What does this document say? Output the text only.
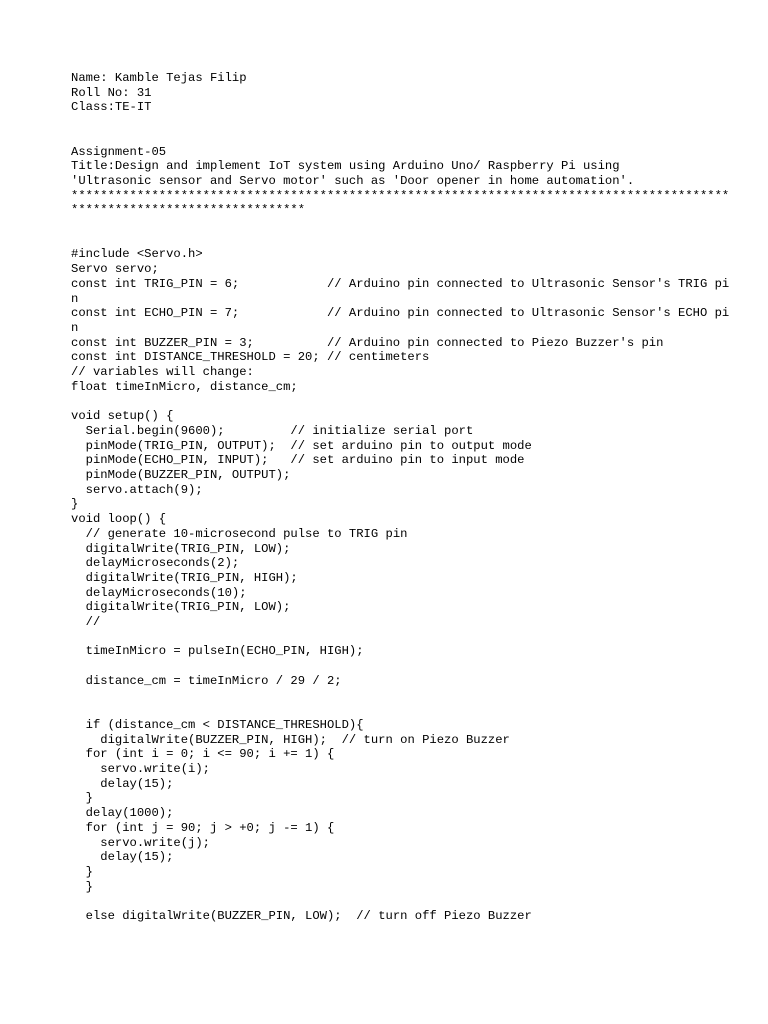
Name: Kamble Tejas Filip
Roll No: 31
Class:TE-IT

Assignment-05
Title:Design and implement IoT system using Arduino Uno/ Raspberry Pi using
'Ultrasonic sensor and Servo motor' such as 'Door opener in home automation'.
**************************************************************************************************************************

#include <Servo.h>
Servo servo;
const int TRIG_PIN = 6;            // Arduino pin connected to Ultrasonic Sensor's TRIG pin
const int ECHO_PIN = 7;            // Arduino pin connected to Ultrasonic Sensor's ECHO pin
const int BUZZER_PIN = 3;          // Arduino pin connected to Piezo Buzzer's pin
const int DISTANCE_THRESHOLD = 20; // centimeters
// variables will change:
float timeInMicro, distance_cm;

void setup() {
Serial.begin(9600);         // initialize serial port
pinMode(TRIG_PIN, OUTPUT);  // set arduino pin to output mode
pinMode(ECHO_PIN, INPUT);   // set arduino pin to input mode
pinMode(BUZZER_PIN, OUTPUT);
servo.attach(9);
}
void loop() {
// generate 10-microsecond pulse to TRIG pin
digitalWrite(TRIG_PIN, LOW);
delayMicroseconds(2);
digitalWrite(TRIG_PIN, HIGH);
delayMicroseconds(10);
digitalWrite(TRIG_PIN, LOW);
//

timeInMicro = pulseIn(ECHO_PIN, HIGH);

distance_cm = timeInMicro / 29 / 2;

if (distance_cm < DISTANCE_THRESHOLD){
digitalWrite(BUZZER_PIN, HIGH);  // turn on Piezo Buzzer
for (int i = 0; i <= 90; i += 1) {
servo.write(i);
delay(15);
}
delay(1000);
for (int j = 90; j > +0; j -= 1) {
servo.write(j);
delay(15);
}
}

else digitalWrite(BUZZER_PIN, LOW);  // turn off Piezo Buzzer
